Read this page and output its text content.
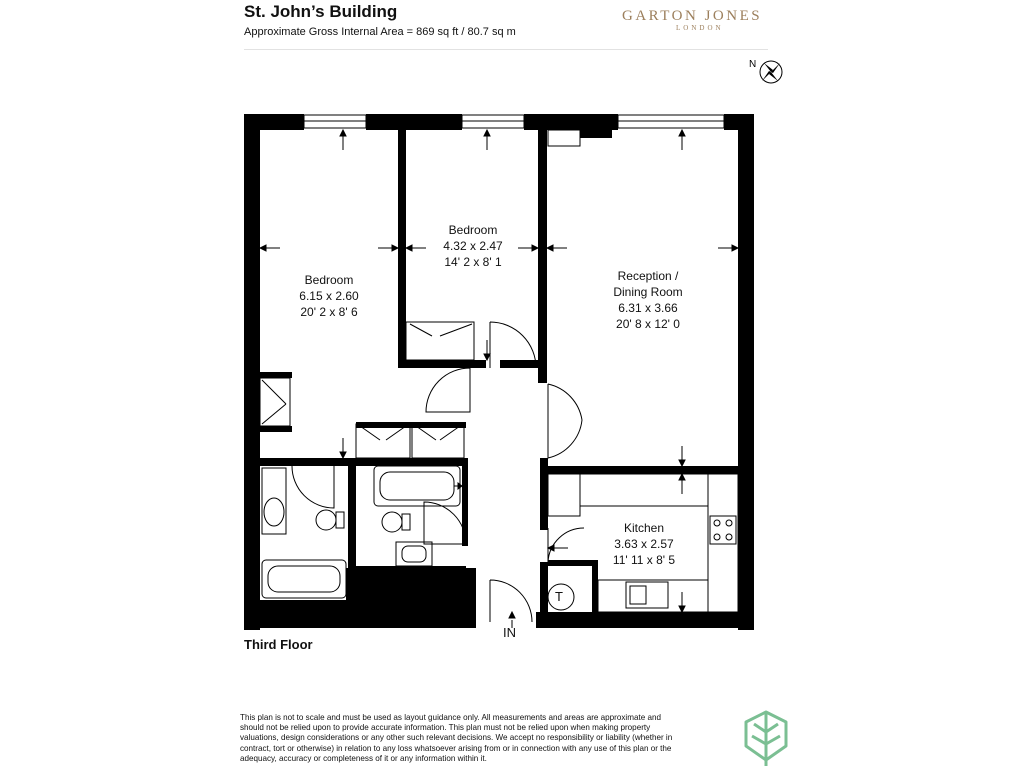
St. John’s Building
Approximate Gross Internal Area = 869 sq ft / 80.7 sq m
GARTON JONES
LONDON
N
Bedroom
6.15 x 2.60
20' 2 x 8' 6
Bedroom
4.32 x 2.47
14' 2 x 8' 1
Reception /
Dining Room
6.31 x 3.66
20' 8 x 12' 0
Kitchen
3.63 x 2.57
11' 11 x 8' 5
T
IN
Third Floor
This plan is not to scale and must be used as layout guidance only. All measurements and areas are approximate and should not be relied upon to provide accurate information. This plan must not be relied upon when making property valuations, design considerations or any other such relevant decisions. We accept no responsibility or liability (whether in contract, tort or otherwise) in relation to any loss whatsoever arising from or in connection with any use of this plan or the adequacy, accuracy or completeness of it or any information within it.
